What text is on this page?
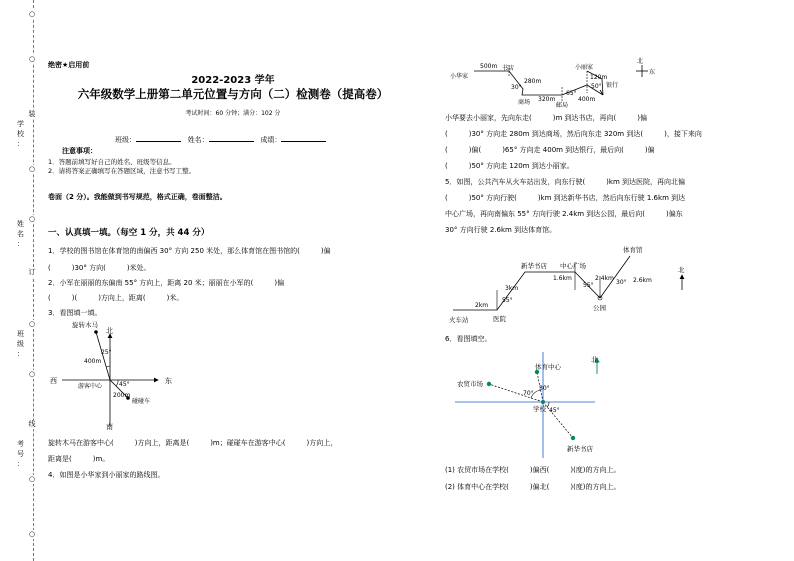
○
○
装
○
○
订
○
○
线
○
○
学
校
：
姓
名
：
班
级
：
考
号
：
绝密★启用前
2022-2023 学年
六年级数学上册第二单元位置与方向（二）检测卷（提高卷）
考试时间：60 分钟；满分：102 分
班级：	姓名：	成绩：
注意事项：
1．答题前填写好自己的姓名、班级等信息。
2．请将答案正确填写在答题区域，注意书写工整。
卷面（2 分）。我能做到书写规范，格式正确，卷面整洁。
一、认真填一填。（每空 1 分，共 44 分）
1．学校的图书馆在体育馆的南偏西 30° 方向 250 米处，那么体育馆在图书馆的(　　　)偏
(　　　)30° 方向(　　　)米处。
2．小军在丽丽的东偏南 55° 方向上，距离 20 米；丽丽在小军的(　　　)偏
(　　　)(　　　)方向上，距离(　　　)米。
3．看图填一填。
北
南
东
西
旋转木马
游客中心
碰碰车
25°
45°
400m
200m
旋转木马在游客中心(　　　)方向上，距离是(　　　)m；碰碰车在游客中心(　　　)方向上，
距离是(　　　)m。
4．如图是小华家到小丽家的路线图。
小华家
书店
商场	邮局
小丽家
银行
北
东
500m
30°
280m
320m
65°
400m
120m
50°
小华要去小丽家，先向东走(　　　)m 到达书店，再向(　　　)偏
(　　　)30° 方向走 280m 到达商场，然后向东走 320m 到达(　　　)，接下来向
(　　　)偏(　　　)65° 方向走 400m 到达银行，最后向(　　　)偏
(　　　)50° 方向走 120m 到达小丽家。
5．如图，公共汽车从火车站出发，向东行驶(　　　)km 到达医院，再向北偏
(　　　)50° 方向行驶(　　　)km 到达新华书店，然后向东行驶 1.6km 到达
中心广场，再向南偏东 55° 方向行驶 2.4km 到达公园，最后向(　　　)偏东
30° 方向行驶 2.6km 到达体育馆。
火车站	医院
新华书店 中心广场
公园
体育馆
北
2km
3km
55°
1.6km	2.4km
55°	30° 2.6km
6．看图填空。
北
体育中心
农贸市场
学校
新华书店
70°
30°
45°
(1) 农贸市场在学校(　　　)偏西(　　　)(度)的方向上。
(2) 体育中心在学校(　　　)偏北(　　　)(度)的方向上。
